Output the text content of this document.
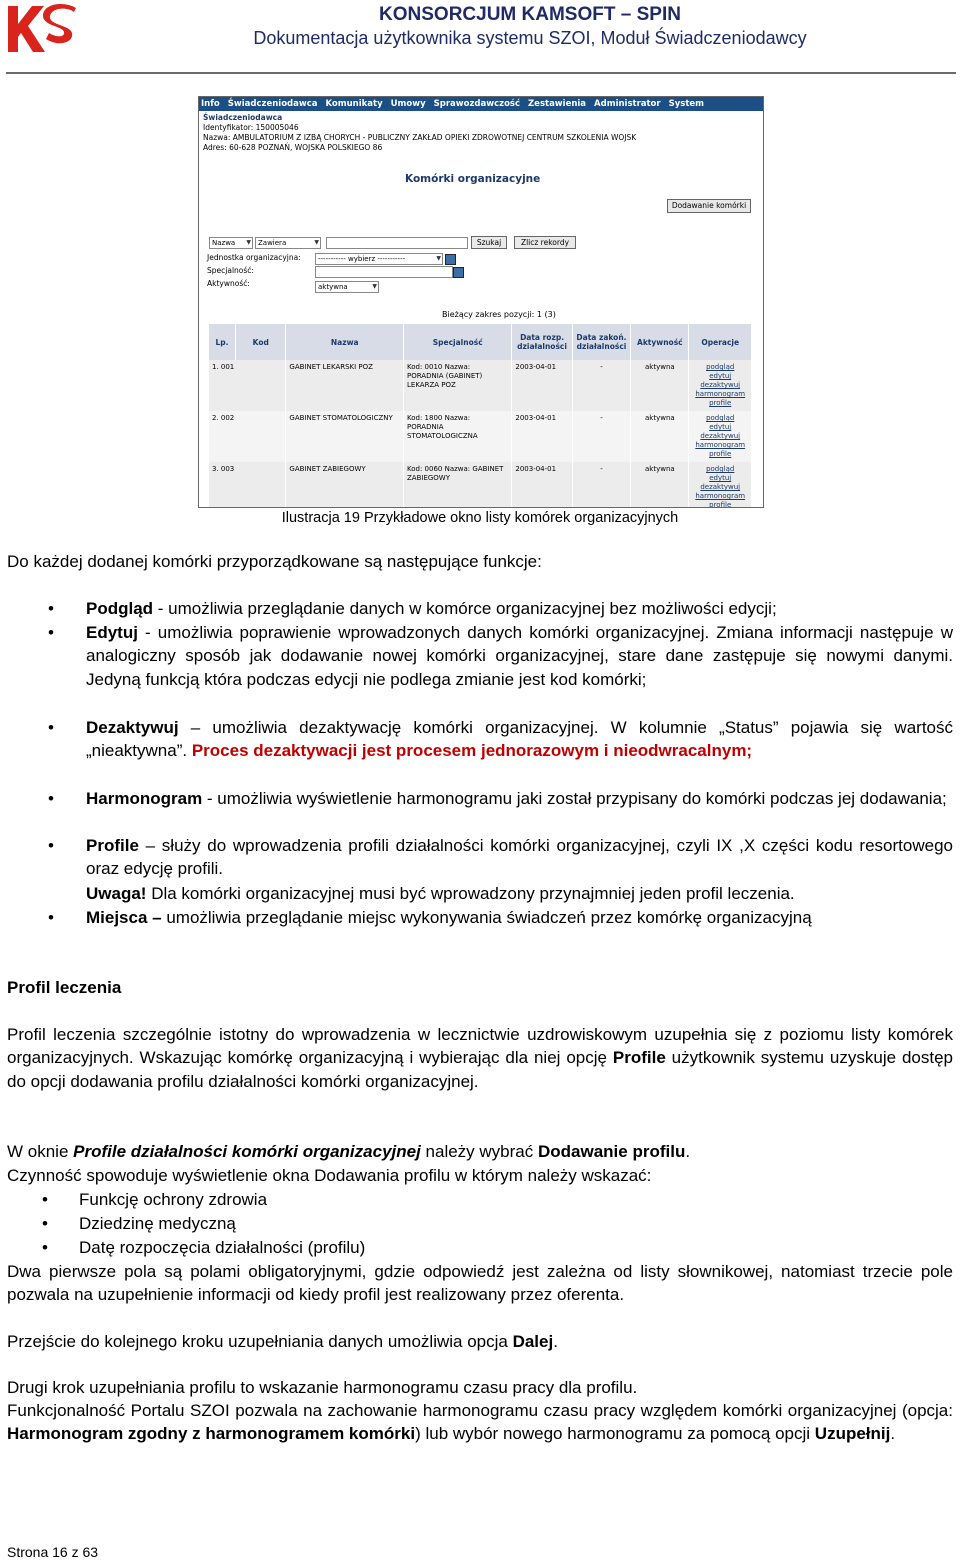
KONSORCJUM KAMSOFT – SPIN
Dokumentacja użytkownika systemu SZOI, Moduł Świadczeniodawcy
Info Świadczeniodawca Komunikaty Umowy Sprawozdawczość Zestawienia Administrator System
Świadczeniodawca
Identyfikator: 150005046
Nazwa: AMBULATORIUM Z IZBĄ CHORYCH - PUBLICZNY ZAKŁAD OPIEKI ZDROWOTNEJ CENTRUM SZKOLENIA WOJSK
Adres: 60-628 POZNAŃ, WOJSKA POLSKIEGO 86
Komórki organizacyjne
Dodawanie komórki
Nazwa ▼	Zawiera ▼	Szukaj	Zlicz rekordy
Jednostka organizacyjna:	----------- wybierz ----------- ▼
Specjalność:
Aktywność:	aktywna ▼
Bieżący zakres pozycji: 1 (3)
Lp.	Kod	Nazwa	Specjalność	Data rozp. działalności	Data zakoń. działalności	Aktywność	Operacje
1. 001		GABINET LEKARSKI POZ	Kod: 0010 Nazwa: PORADNIA (GABINET) LEKARZA POZ	2003-04-01	-	aktywna	podgląd
edytuj
dezaktywuj
harmonogram
profile

2. 002		GABINET STOMATOLOGICZNY	Kod: 1800 Nazwa: PORADNIA STOMATOLOGICZNA	2003-04-01	-	aktywna	podgląd
edytuj
dezaktywuj
harmonogram
profile

3. 003		GABINET ZABIEGOWY	Kod: 0060 Nazwa: GABINET ZABIEGOWY	2003-04-01	-	aktywna	podgląd
edytuj
dezaktywuj
harmonogram
profile
Ilustracja 19 Przykładowe okno listy komórek organizacyjnych
Do każdej dodanej komórki przyporządkowane są następujące funkcje:
• Podgląd - umożliwia przeglądanie danych w komórce organizacyjnej bez możliwości edycji;
• Edytuj - umożliwia poprawienie wprowadzonych danych komórki organizacyjnej. Zmiana informacji następuje w analogiczny sposób jak dodawanie nowej komórki organizacyjnej, stare dane zastępuje się nowymi danymi. Jedyną funkcją która podczas edycji nie podlega zmianie jest kod komórki;
• Dezaktywuj – umożliwia dezaktywację komórki organizacyjnej. W kolumnie „Status” pojawia się wartość „nieaktywna”. Proces dezaktywacji jest procesem jednorazowym i nieodwracalnym;
• Harmonogram - umożliwia wyświetlenie harmonogramu jaki został przypisany do komórki podczas jej dodawania;
• Profile – służy do wprowadzenia profili działalności komórki organizacyjnej, czyli IX ,X części kodu resortowego oraz edycję profili.
Uwaga! Dla komórki organizacyjnej musi być wprowadzony przynajmniej jeden profil leczenia.
• Miejsca – umożliwia przeglądanie miejsc wykonywania świadczeń przez komórkę organizacyjną
Profil leczenia
Profil leczenia szczególnie istotny do wprowadzenia w lecznictwie uzdrowiskowym uzupełnia się z poziomu listy komórek organizacyjnych. Wskazując komórkę organizacyjną i wybierając dla niej opcję Profile użytkownik systemu uzyskuje dostęp do opcji dodawania profilu działalności komórki organizacyjnej.
W oknie Profile działalności komórki organizacyjnej należy wybrać Dodawanie profilu.
Czynność spowoduje wyświetlenie okna Dodawania profilu w którym należy wskazać:
• Funkcję ochrony zdrowia
• Dziedzinę medyczną
• Datę rozpoczęcia działalności (profilu)
Dwa pierwsze pola są polami obligatoryjnymi, gdzie odpowiedź jest zależna od listy słownikowej, natomiast trzecie pole pozwala na uzupełnienie informacji od kiedy profil jest realizowany przez oferenta.
Przejście do kolejnego kroku uzupełniania danych umożliwia opcja Dalej.
Drugi krok uzupełniania profilu to wskazanie harmonogramu czasu pracy dla profilu.
Funkcjonalność Portalu SZOI pozwala na zachowanie harmonogramu czasu pracy względem komórki organizacyjnej (opcja: Harmonogram zgodny z harmonogramem komórki) lub wybór nowego harmonogramu za pomocą opcji Uzupełnij.
Strona 16 z 63
